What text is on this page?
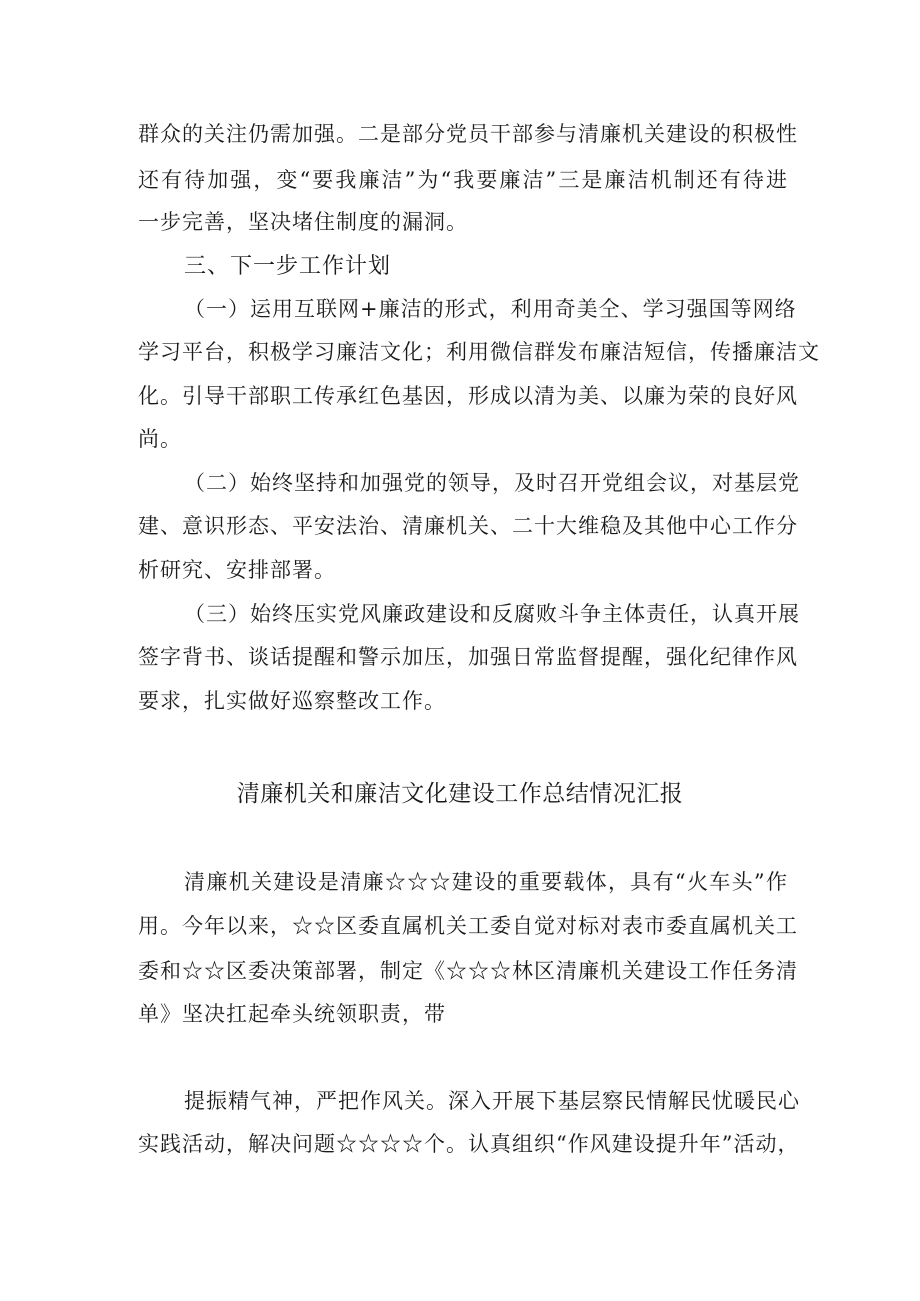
群众的关注仍需加强。二是部分党员干部参与清廉机关建设的积极性
还有待加强，变“要我廉洁”为“我要廉洁”三是廉洁机制还有待进
一步完善，坚决堵住制度的漏洞。
三、下一步工作计划
（一）运用互联网+廉洁的形式，利用奇美仝、学习强国等网络
学习平台，积极学习廉洁文化；利用微信群发布廉洁短信，传播廉洁文
化。引导干部职工传承红色基因，形成以清为美、以廉为荣的良好风
尚。
（二）始终坚持和加强党的领导，及时召开党组会议，对基层党
建、意识形态、平安法治、清廉机关、二十大维稳及其他中心工作分
析研究、安排部署。
（三）始终压实党风廉政建设和反腐败斗争主体责任，认真开展
签字背书、谈话提醒和警示加压，加强日常监督提醒，强化纪律作风
要求，扎实做好巡察整改工作。
清廉机关和廉洁文化建设工作总结情况汇报
清廉机关建设是清廉☆☆☆建设的重要载体，具有“火车头”作
用。今年以来，☆☆区委直属机关工委自觉对标对表市委直属机关工
委和☆☆区委决策部署，制定《☆☆☆林区清廉机关建设工作任务清
单》坚决扛起牵头统领职责，带
提振精气神，严把作风关。深入开展下基层察民情解民忧暖民心
实践活动，解决问题☆☆☆☆个。认真组织“作风建设提升年”活动，
